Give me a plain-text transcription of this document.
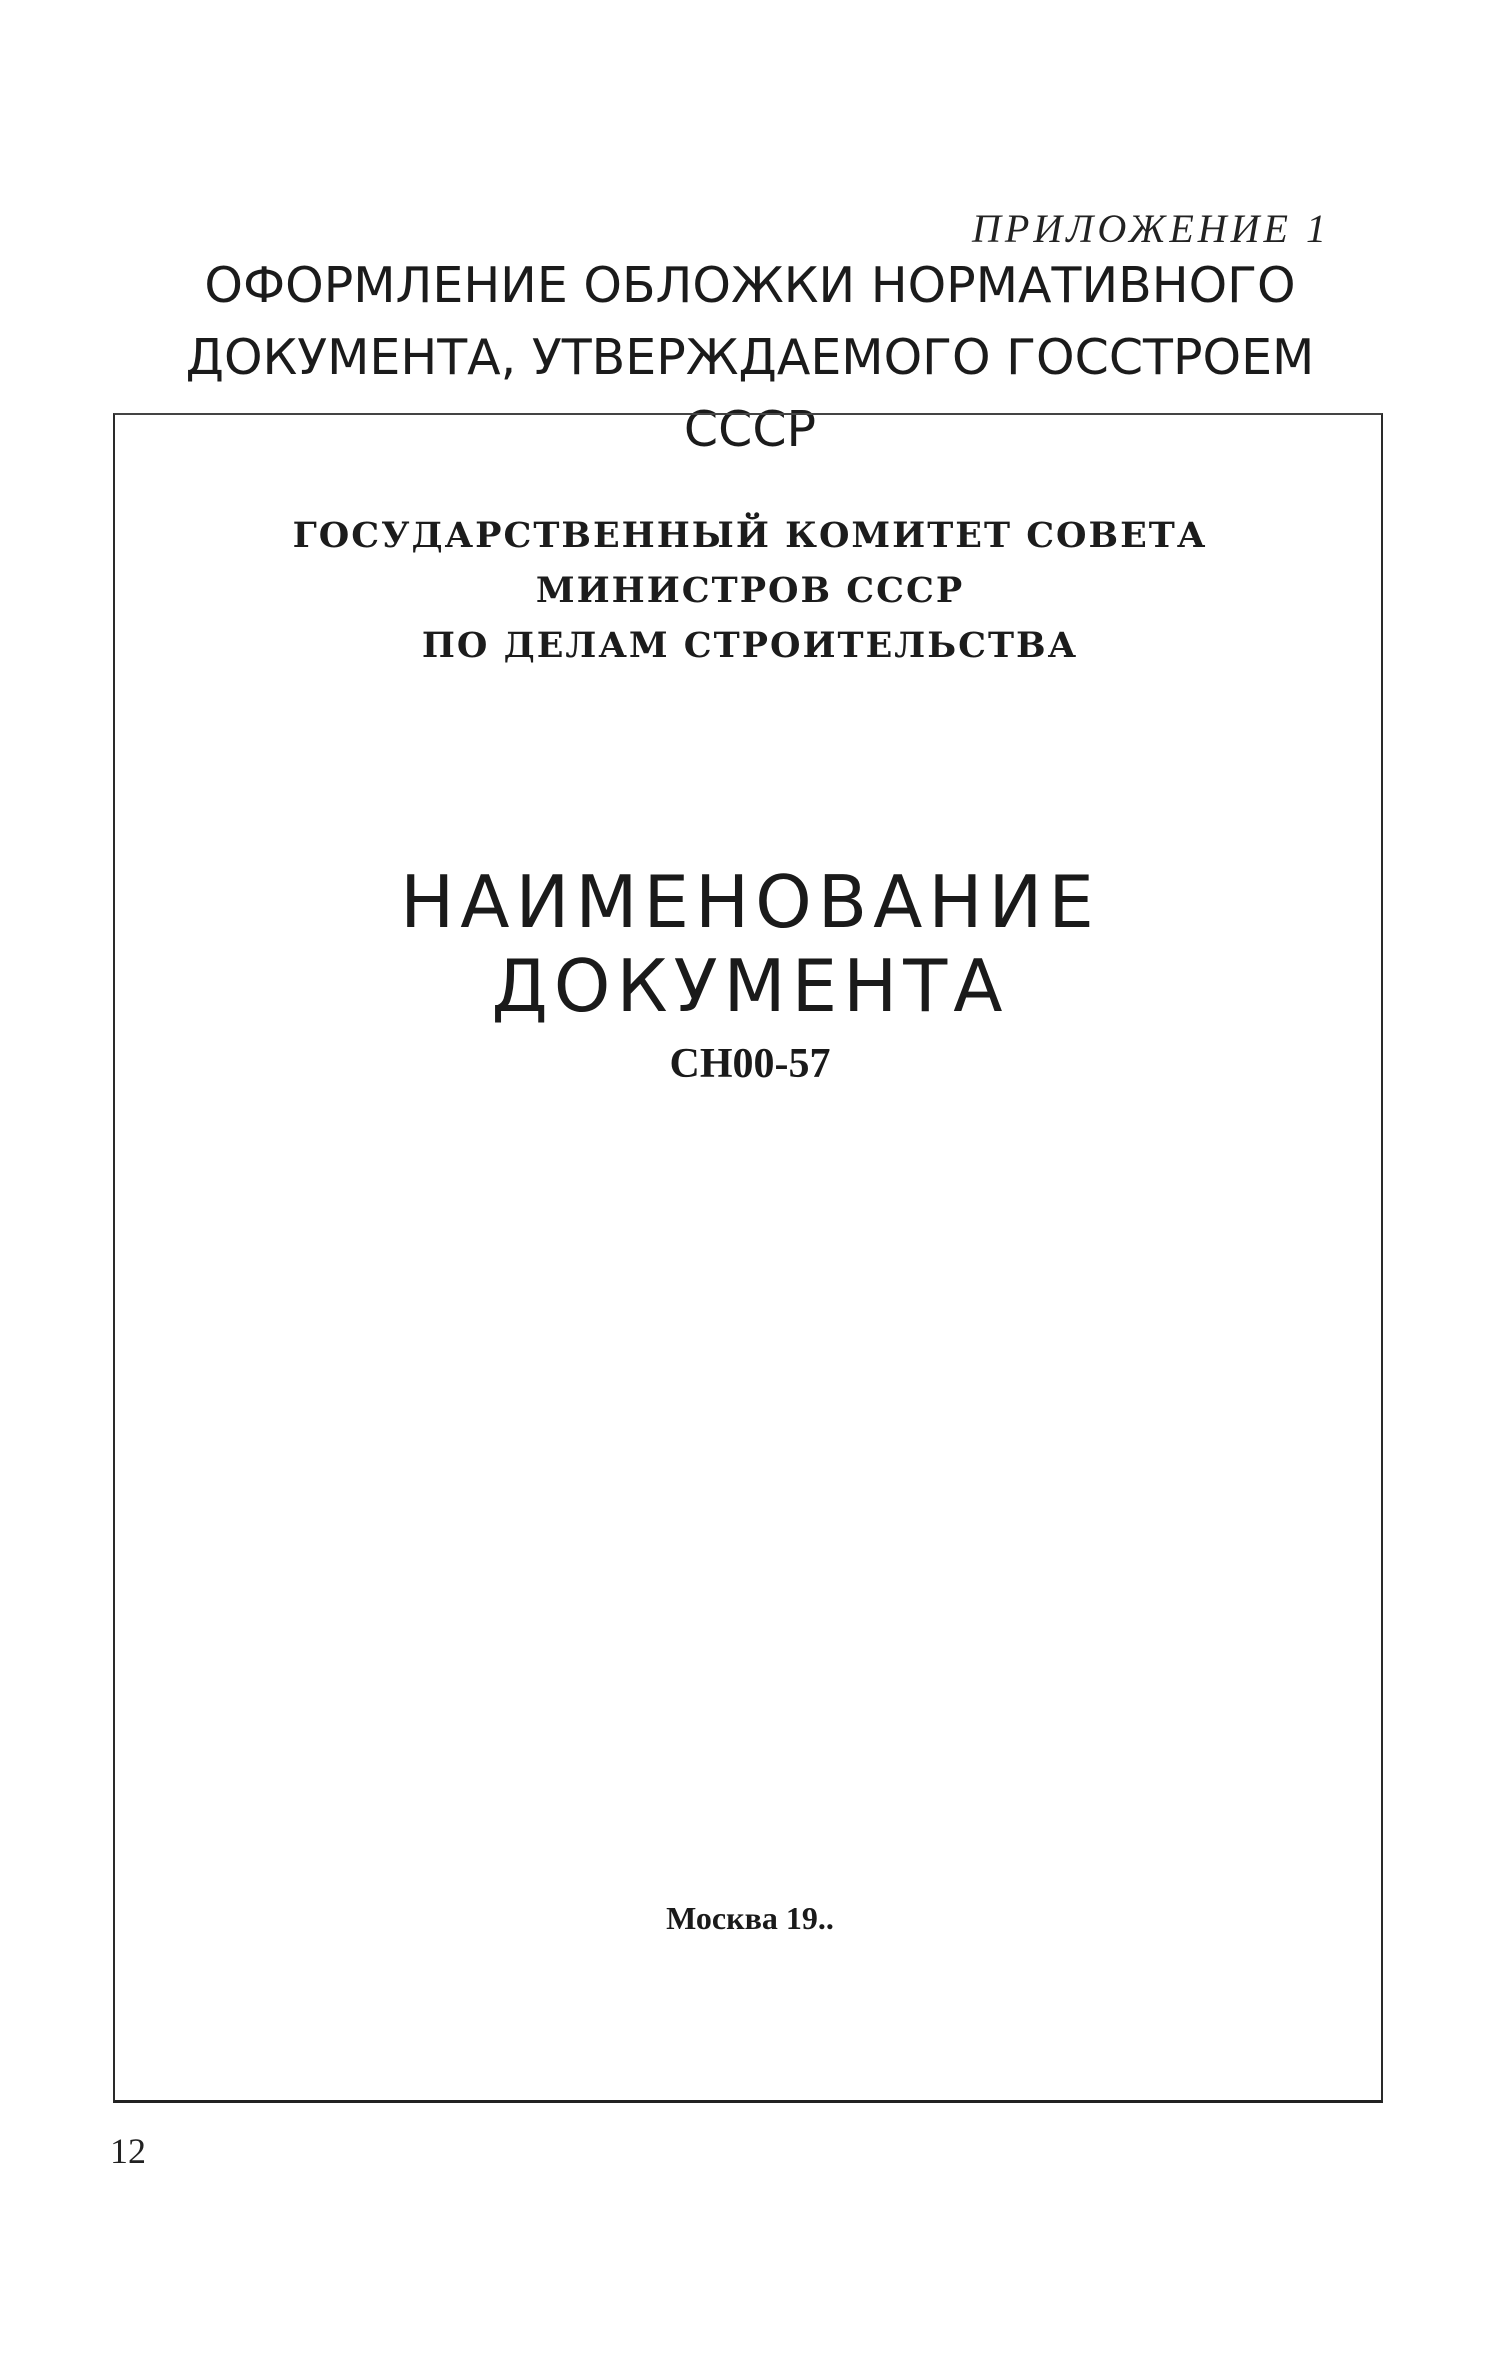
ПРИЛОЖЕНИЕ 1
ОФОРМЛЕНИЕ ОБЛОЖКИ НОРМАТИВНОГО
ДОКУМЕНТА, УТВЕРЖДАЕМОГО ГОССТРОЕМ СССР
ГОСУДАРСТВЕННЫЙ КОМИТЕТ СОВЕТА МИНИСТРОВ СССР
ПО ДЕЛАМ СТРОИТЕЛЬСТВА
НАИМЕНОВАНИЕ ДОКУМЕНТА
СН00-57
Москва 19..
12
